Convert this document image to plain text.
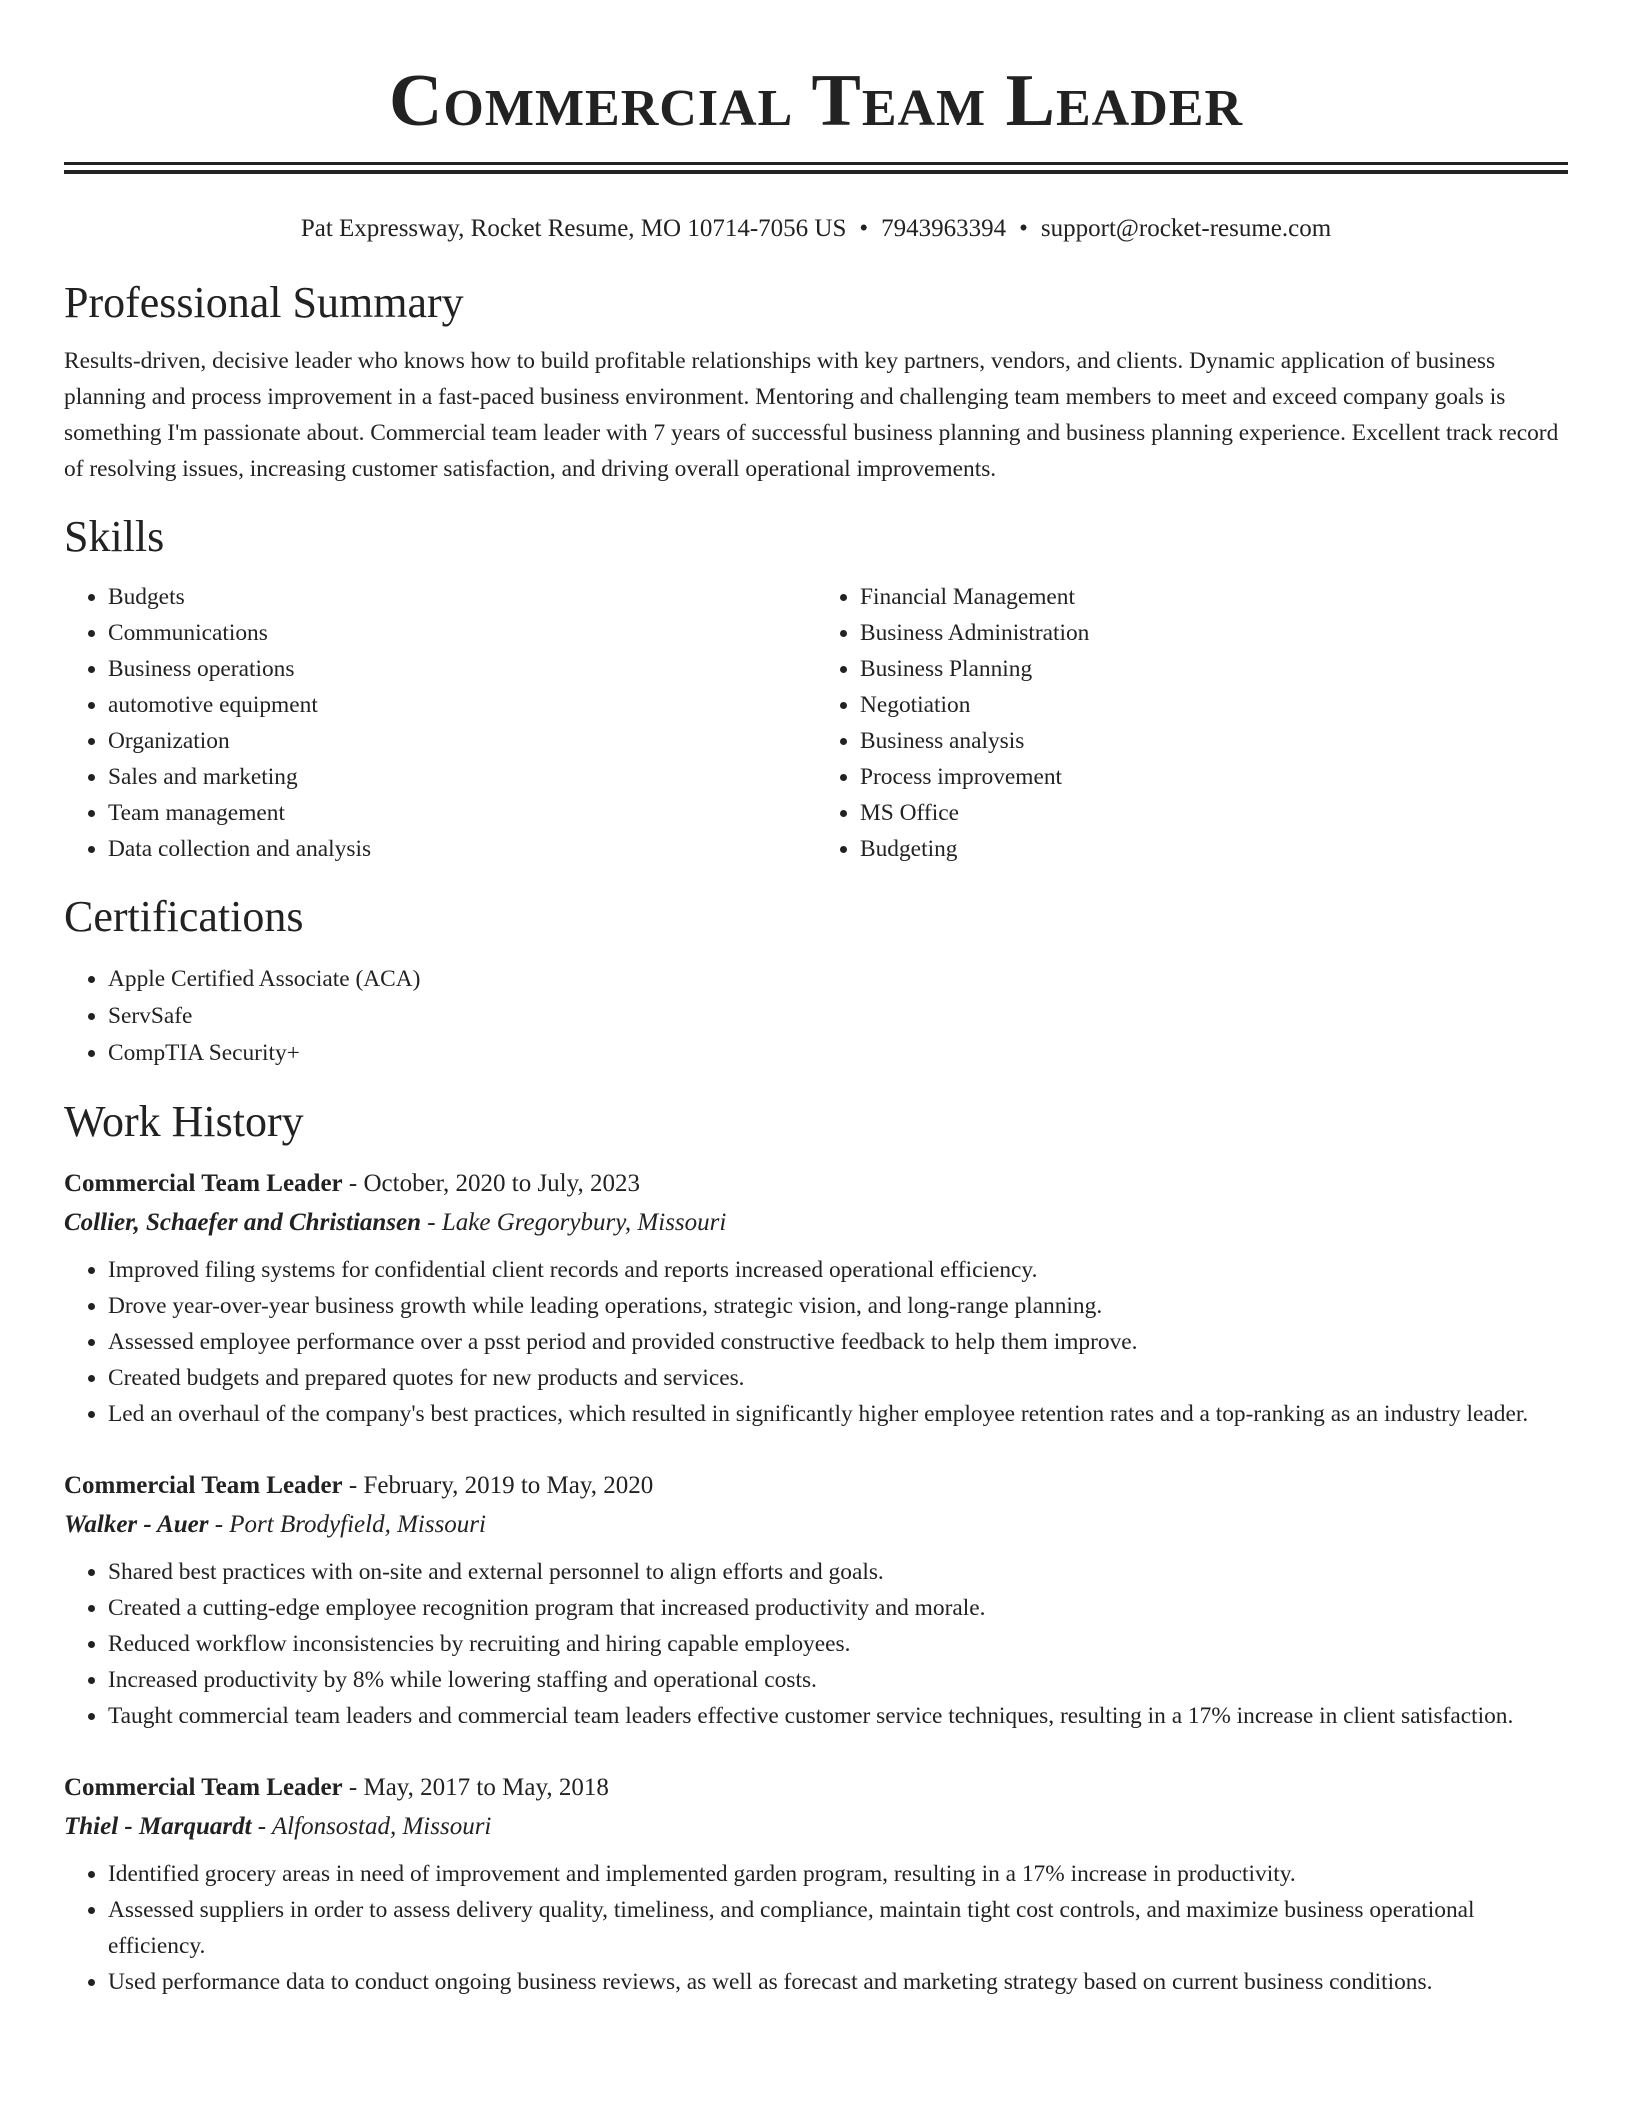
Commercial Team Leader
Pat Expressway, Rocket Resume, MO 10714-7056 US • 7943963394 • support@rocket-resume.com
Professional Summary

Results-driven, decisive leader who knows how to build profitable relationships with key partners, vendors, and clients. Dynamic application of business planning and process improvement in a fast-paced business environment. Mentoring and challenging team members to meet and exceed company goals is something I'm passionate about. Commercial team leader with 7 years of successful business planning and business planning experience. Excellent track record of resolving issues, increasing customer satisfaction, and driving overall operational improvements.

Skills
• Budgets
• Communications
• Business operations
• automotive equipment
• Organization
• Sales and marketing
• Team management
• Data collection and analysis
• Financial Management
• Business Administration
• Business Planning
• Negotiation
• Business analysis
• Process improvement
• MS Office
• Budgeting
Certifications
• Apple Certified Associate (ACA)
• ServSafe
• CompTIA Security+
Work History
Commercial Team Leader - October, 2020 to July, 2023
Collier, Schaefer and Christiansen - Lake Gregorybury, Missouri
• Improved filing systems for confidential client records and reports increased operational efficiency.
• Drove year-over-year business growth while leading operations, strategic vision, and long-range planning.
• Assessed employee performance over a psst period and provided constructive feedback to help them improve.
• Created budgets and prepared quotes for new products and services.
• Led an overhaul of the company's best practices, which resulted in significantly higher employee retention rates and a top-ranking as an industry leader.
Commercial Team Leader - February, 2019 to May, 2020
Walker - Auer - Port Brodyfield, Missouri
• Shared best practices with on-site and external personnel to align efforts and goals.
• Created a cutting-edge employee recognition program that increased productivity and morale.
• Reduced workflow inconsistencies by recruiting and hiring capable employees.
• Increased productivity by 8% while lowering staffing and operational costs.
• Taught commercial team leaders and commercial team leaders effective customer service techniques, resulting in a 17% increase in client satisfaction.
Commercial Team Leader - May, 2017 to May, 2018
Thiel - Marquardt - Alfonsostad, Missouri
• Identified grocery areas in need of improvement and implemented garden program, resulting in a 17% increase in productivity.
• Assessed suppliers in order to assess delivery quality, timeliness, and compliance, maintain tight cost controls, and maximize business operational efficiency.
• Used performance data to conduct ongoing business reviews, as well as forecast and marketing strategy based on current business conditions.
